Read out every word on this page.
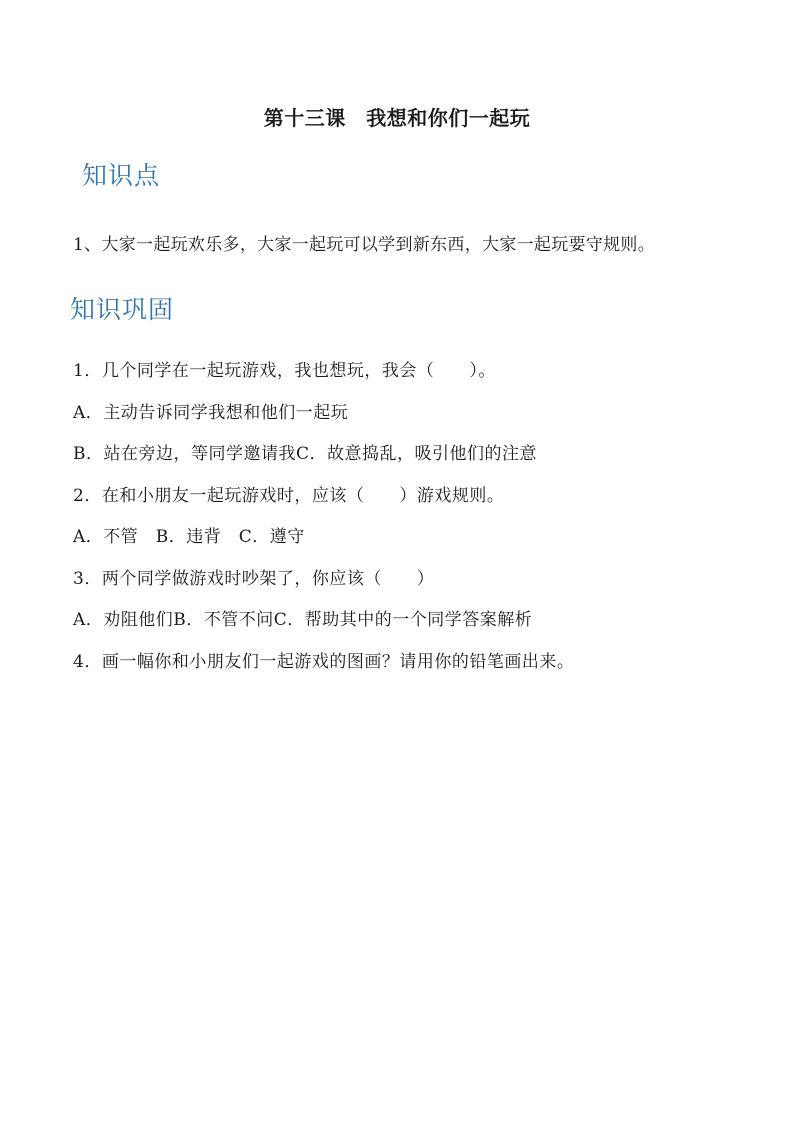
第十三课　我想和你们一起玩
知识点
1、大家一起玩欢乐多，大家一起玩可以学到新东西，大家一起玩要守规则。
知识巩固
1．几个同学在一起玩游戏，我也想玩，我会（　　）。
A．主动告诉同学我想和他们一起玩
B．站在旁边，等同学邀请我C．故意捣乱，吸引他们的注意
2．在和小朋友一起玩游戏时，应该（　　）游戏规则。
A．不管　B．违背　C．遵守
3．两个同学做游戏时吵架了，你应该（　　）
A．劝阻他们B．不管不问C．帮助其中的一个同学答案解析
4．画一幅你和小朋友们一起游戏的图画？请用你的铅笔画出来。
